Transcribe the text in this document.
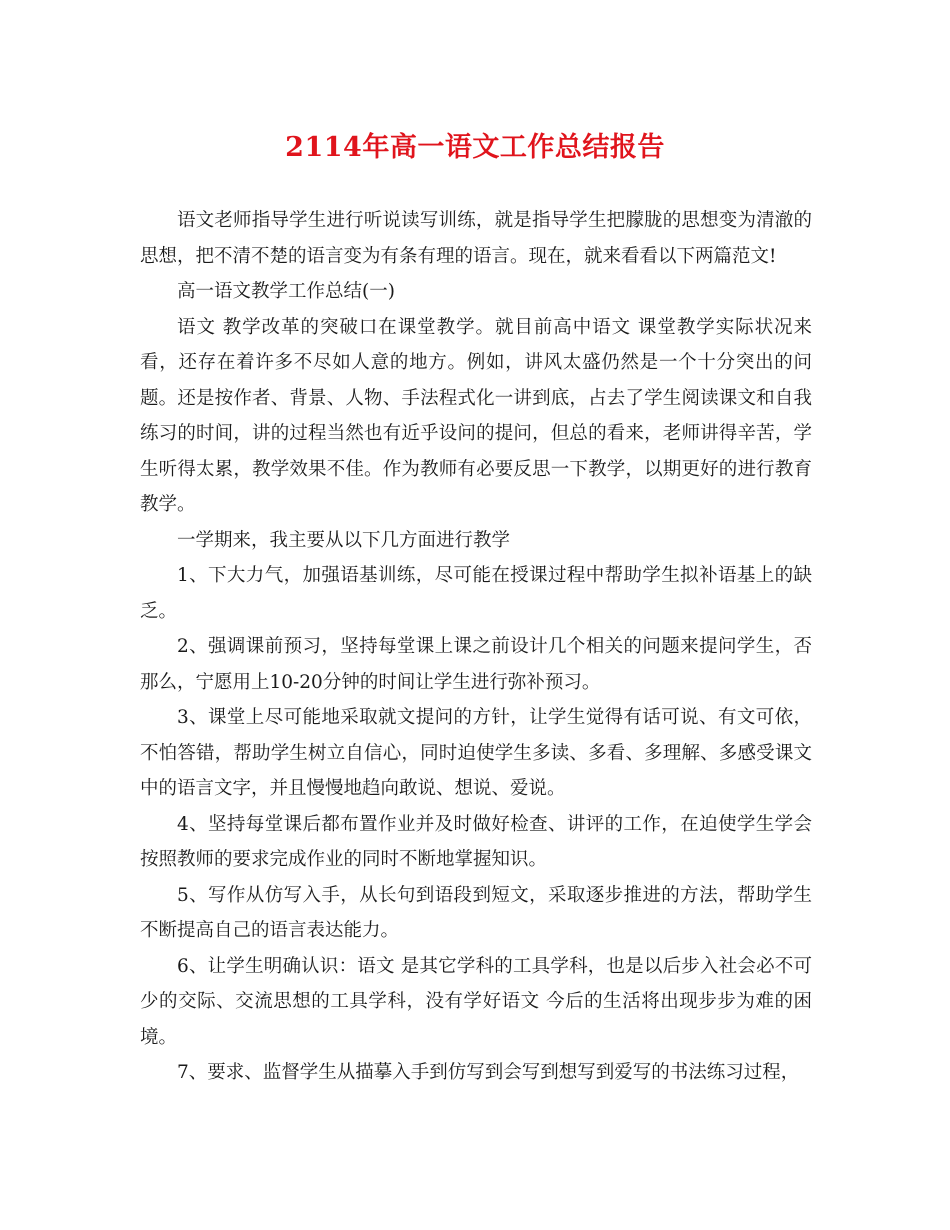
2114年高一语文工作总结报告

语文老师指导学生进行听说读写训练，就是指导学生把朦胧的思想变为清澈的思想，把不清不楚的语言变为有条有理的语言。现在，就来看看以下两篇范文!

高一语文教学工作总结(一)

语文 教学改革的突破口在课堂教学。就目前高中语文 课堂教学实际状况来看，还存在着许多不尽如人意的地方。例如，讲风太盛仍然是一个十分突出的问题。还是按作者、背景、人物、手法程式化一讲到底，占去了学生阅读课文和自我练习的时间，讲的过程当然也有近乎设问的提问，但总的看来，老师讲得辛苦，学生听得太累，教学效果不佳。作为教师有必要反思一下教学，以期更好的进行教育教学。

一学期来，我主要从以下几方面进行教学

1、下大力气，加强语基训练，尽可能在授课过程中帮助学生拟补语基上的缺乏。

2、强调课前预习，坚持每堂课上课之前设计几个相关的问题来提问学生，否那么，宁愿用上10-20分钟的时间让学生进行弥补预习。

3、课堂上尽可能地采取就文提问的方针，让学生觉得有话可说、有文可依，不怕答错，帮助学生树立自信心，同时迫使学生多读、多看、多理解、多感受课文中的语言文字，并且慢慢地趋向敢说、想说、爱说。

4、坚持每堂课后都布置作业并及时做好检查、讲评的工作，在迫使学生学会按照教师的要求完成作业的同时不断地掌握知识。

5、写作从仿写入手，从长句到语段到短文，采取逐步推进的方法，帮助学生不断提高自己的语言表达能力。

6、让学生明确认识：语文 是其它学科的工具学科，也是以后步入社会必不可少的交际、交流思想的工具学科，没有学好语文 今后的生活将出现步步为难的困境。

7、要求、监督学生从描摹入手到仿写到会写到想写到爱写的书法练习过程，
